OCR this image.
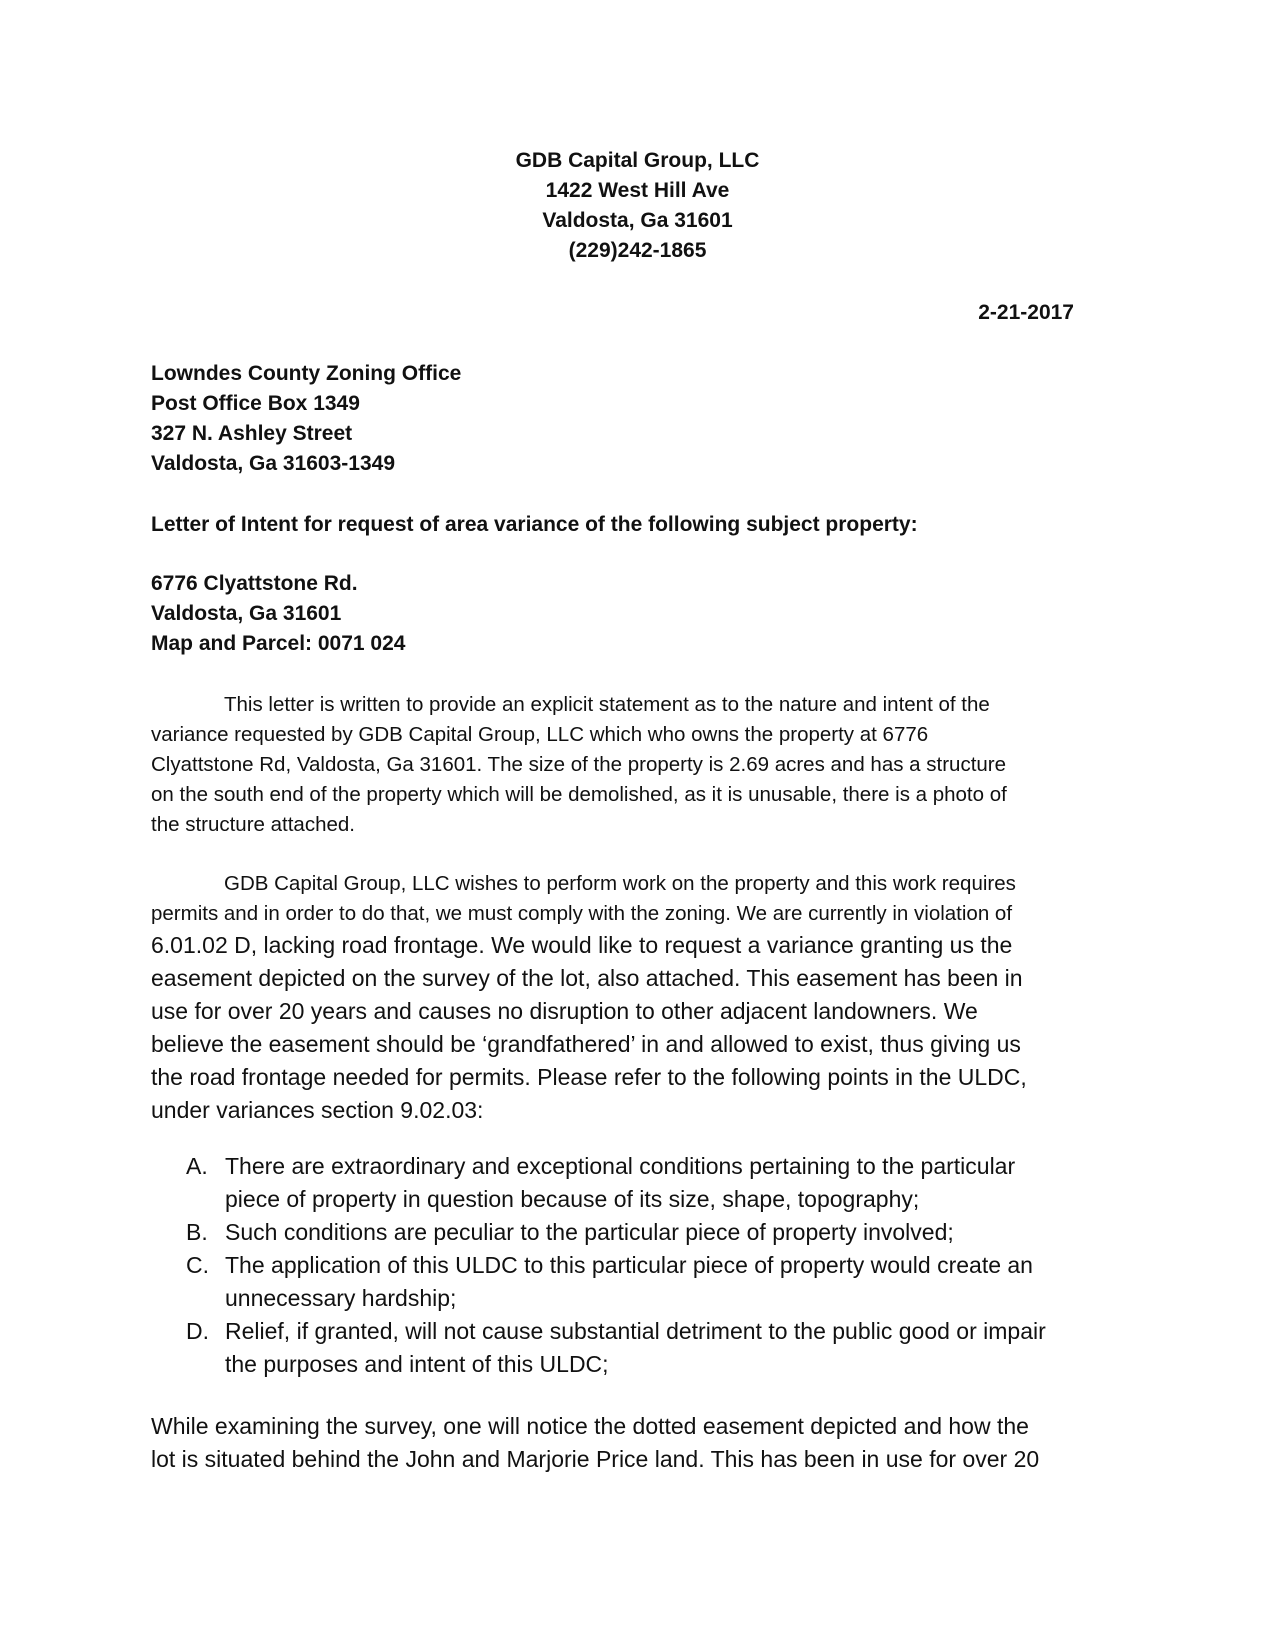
GDB Capital Group, LLC
1422 West Hill Ave
Valdosta, Ga 31601
(229)242-1865
2-21-2017
Lowndes County Zoning Office
Post Office Box 1349
327 N. Ashley Street
Valdosta, Ga 31603-1349
Letter of Intent for request of area variance of the following subject property:
6776 Clyattstone Rd.
Valdosta, Ga 31601
Map and Parcel: 0071 024
This letter is written to provide an explicit statement as to the nature and intent of the
variance requested by GDB Capital Group, LLC which who owns the property at 6776
Clyattstone Rd, Valdosta, Ga 31601. The size of the property is 2.69 acres and has a structure
on the south end of the property which will be demolished, as it is unusable, there is a photo of
the structure attached.
GDB Capital Group, LLC wishes to perform work on the property and this work requires
permits and in order to do that, we must comply with the zoning. We are currently in violation of
6.01.02 D, lacking road frontage. We would like to request a variance granting us the
easement depicted on the survey of the lot, also attached. This easement has been in
use for over 20 years and causes no disruption to other adjacent landowners. We
believe the easement should be ‘grandfathered’ in and allowed to exist, thus giving us
the road frontage needed for permits. Please refer to the following points in the ULDC,
under variances section 9.02.03:
A. There are extraordinary and exceptional conditions pertaining to the particular
piece of property in question because of its size, shape, topography;
B. Such conditions are peculiar to the particular piece of property involved;
C. The application of this ULDC to this particular piece of property would create an
unnecessary hardship;
D. Relief, if granted, will not cause substantial detriment to the public good or impair
the purposes and intent of this ULDC;
While examining the survey, one will notice the dotted easement depicted and how the
lot is situated behind the John and Marjorie Price land. This has been in use for over 20
